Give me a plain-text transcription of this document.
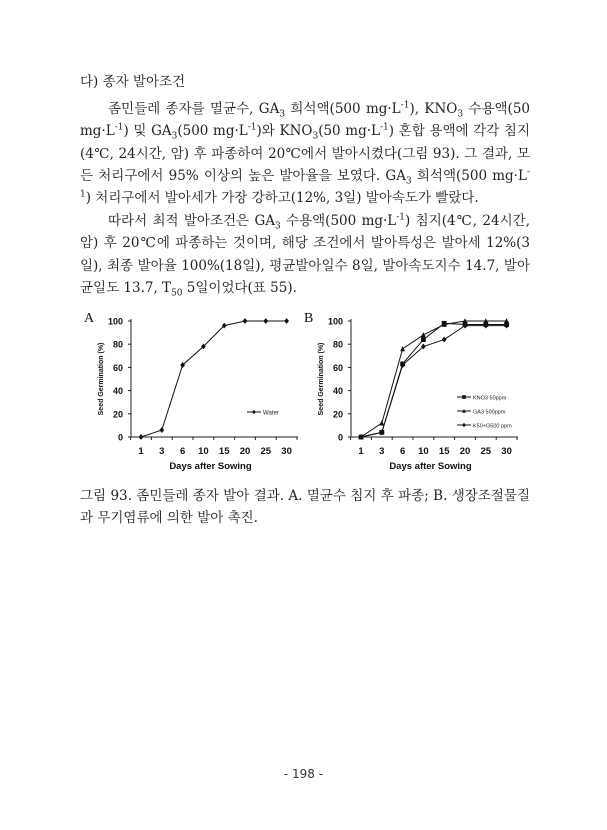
다) 종자 발아조건

좀민들레 종자를 멸균수, $GA_3$ 희석액(500 $mg\cdot L^{-1}$), $KNO_3$ 수용액(50 $mg\cdot L^{-1}$) 및 $GA_3(500$ $mg\cdot L^{-1}$)와 $KNO_3(50$ $mg\cdot L^{-1}$) 혼합 용액에 각각 침지(4℃, 24시간, 암) 후 파종하여 20℃에서 발아시켰다(그림 93). 그 결과, 모든 처리구에서 95% 이상의 높은 발아율을 보였다. $GA_3$ 희석액(500 $mg\cdot L^{-1}$) 처리구에서 발아세가 가장 강하고(12%, 3일) 발아속도가 빨랐다.

따라서 최적 발아조건은 $GA_3$ 수용액(500 $mg\cdot L^{-1}$) 침지(4℃, 24시간, 암) 후 20℃에 파종하는 것이며, 해당 조건에서 발아특성은 발아세 12%(3일), 최종 발아율 100%(18일), 평균발아일수 8일, 발아속도지수 14.7, 발아균일도 13.7, $T_{50}$ 5일이었다(표 55).

A
0
20
40
60
80
100
1 3 6 10 15 20 25 30
Days after Sowing
Seed Germination (%)	Water
B
0
20
40
60
80
100
1 3 6 10 15 20 25 30
Days after Sowing
Seed Germination (%)	KNO3 50ppm
GA3 500ppm
K50+G500 ppm

그림 93. 좀민들레 종자 발아 결과. A. 멸균수 침지 후 파종; B. 생장조절물질과 무기염류에 의한 발아 촉진.

- 198 -
